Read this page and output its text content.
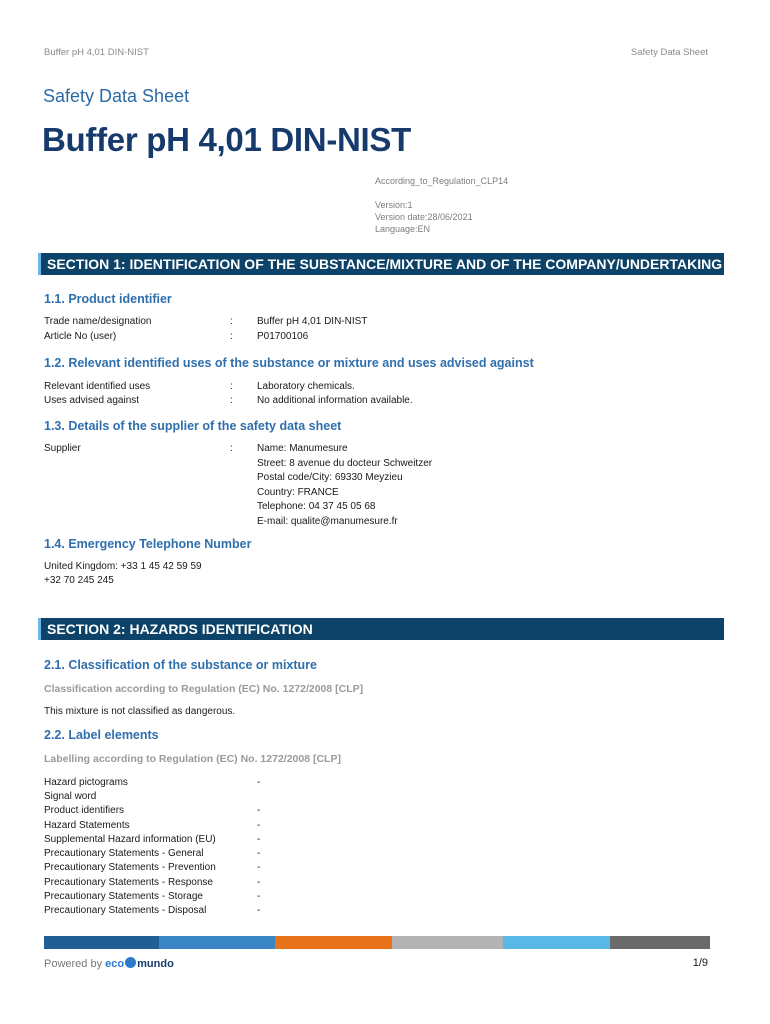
Buffer pH 4,01 DIN-NIST	Safety Data Sheet
Safety Data Sheet
Buffer pH 4,01 DIN-NIST
According_to_Regulation_CLP14
Version:1
Version date:28/06/2021
Language:EN
SECTION 1: IDENTIFICATION OF THE SUBSTANCE/MIXTURE AND OF THE COMPANY/UNDERTAKING
1.1. Product identifier
Trade name/designation	: Buffer pH 4,01 DIN-NIST
Article No (user)	: P01700106
1.2. Relevant identified uses of the substance or mixture and uses advised against
Relevant identified uses	: Laboratory chemicals.
Uses advised against	: No additional information available.
1.3. Details of the supplier of the safety data sheet
Supplier	: Name: Manumesure
Street: 8 avenue du docteur Schweitzer
Postal code/City: 69330 Meyzieu
Country: FRANCE
Telephone: 04 37 45 05 68
E-mail: qualite@manumesure.fr
1.4. Emergency Telephone Number
United Kingdom: +33 1 45 42 59 59
+32 70 245 245
SECTION 2: HAZARDS IDENTIFICATION
2.1. Classification of the substance or mixture
Classification according to Regulation (EC) No. 1272/2008 [CLP]
This mixture is not classified as dangerous.
2.2. Label elements
Labelling according to Regulation (EC) No. 1272/2008 [CLP]
Hazard pictograms	-
Signal word
Product identifiers	-
Hazard Statements	-
Supplemental Hazard information (EU)	-
Precautionary Statements - General	-
Precautionary Statements - Prevention	-
Precautionary Statements - Response	-
Precautionary Statements - Storage	-
Precautionary Statements - Disposal	-
Powered by eco mundo	1/9
